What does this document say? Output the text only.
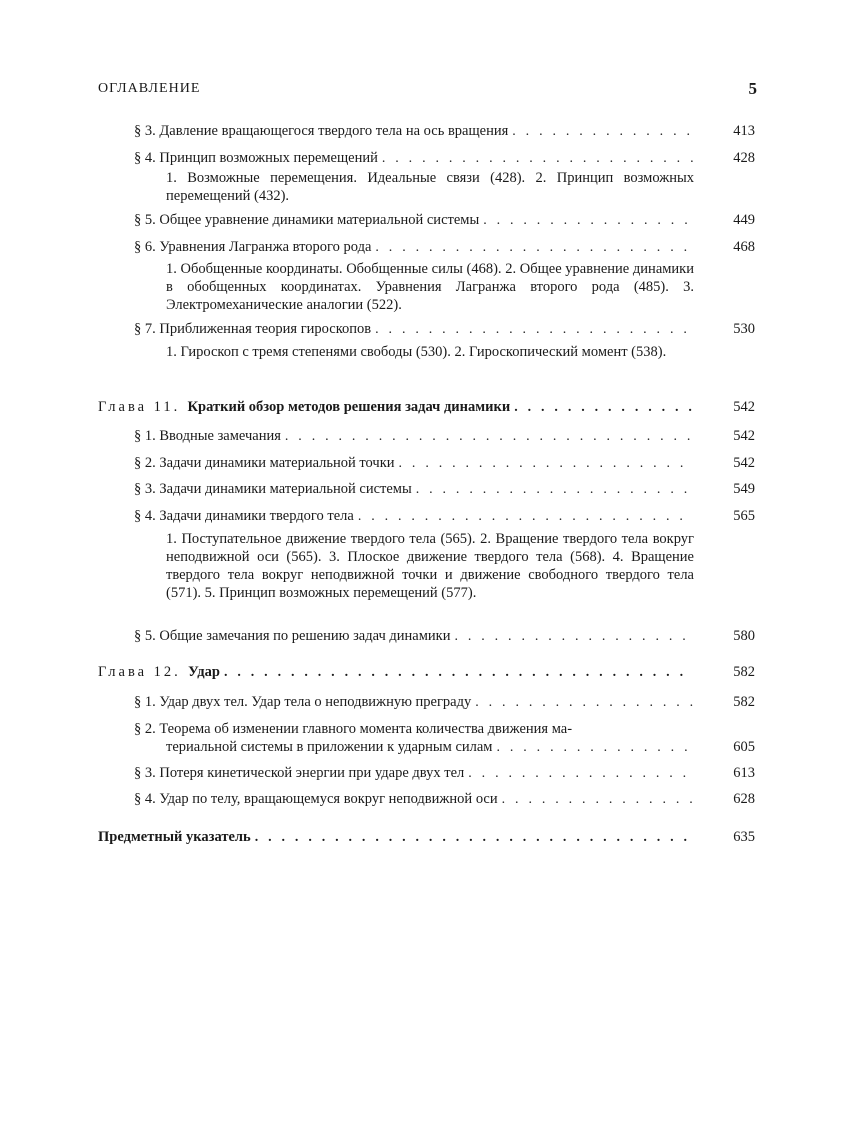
ОГЛАВЛЕНИЕ	5
§ 3. Давление вращающегося твердого тела на ось вращения . . .	413
§ 4. Принцип возможных перемещений . . .	428
1. Возможные перемещения. Идеальные связи (428). 2. Принцип возможных перемещений (432).
§ 5. Общее уравнение динамики материальной системы . . .	449
§ 6. Уравнения Лагранжа второго рода . . .	468
1. Обобщенные координаты. Обобщенные силы (468). 2. Общее уравнение динамики в обобщенных координатах. Уравнения Лагранжа второго рода (485). 3. Электромеханические аналогии (522).
§ 7. Приближенная теория гироскопов . . .	530
1. Гироскоп с тремя степенями свободы (530). 2. Гироскопический момент (538).
Глава 11. Краткий обзор методов решения задач динамики . . .	542
§ 1. Вводные замечания . . .	542
§ 2. Задачи динамики материальной точки . . .	542
§ 3. Задачи динамики материальной системы . . .	549
§ 4. Задачи динамики твердого тела . . .	565
1. Поступательное движение твердого тела (565). 2. Вращение твердого тела вокруг неподвижной оси (565). 3. Плоское движение твердого тела (568). 4. Вращение твердого тела вокруг неподвижной точки и движение свободного твердого тела (571). 5. Принцип возможных перемещений (577).
§ 5. Общие замечания по решению задач динамики . . .	580
Глава 12. Удар . . .	582
§ 1. Удар двух тел. Удар тела о неподвижную преграду . . .	582
§ 2. Теорема об изменении главного момента количества движения ма-
териальной системы в приложении к ударным силам . . .	605
§ 3. Потеря кинетической энергии при ударе двух тел . . .	613
§ 4. Удар по телу, вращающемуся вокруг неподвижной оси . . .	628
Предметный указатель . . .	635
